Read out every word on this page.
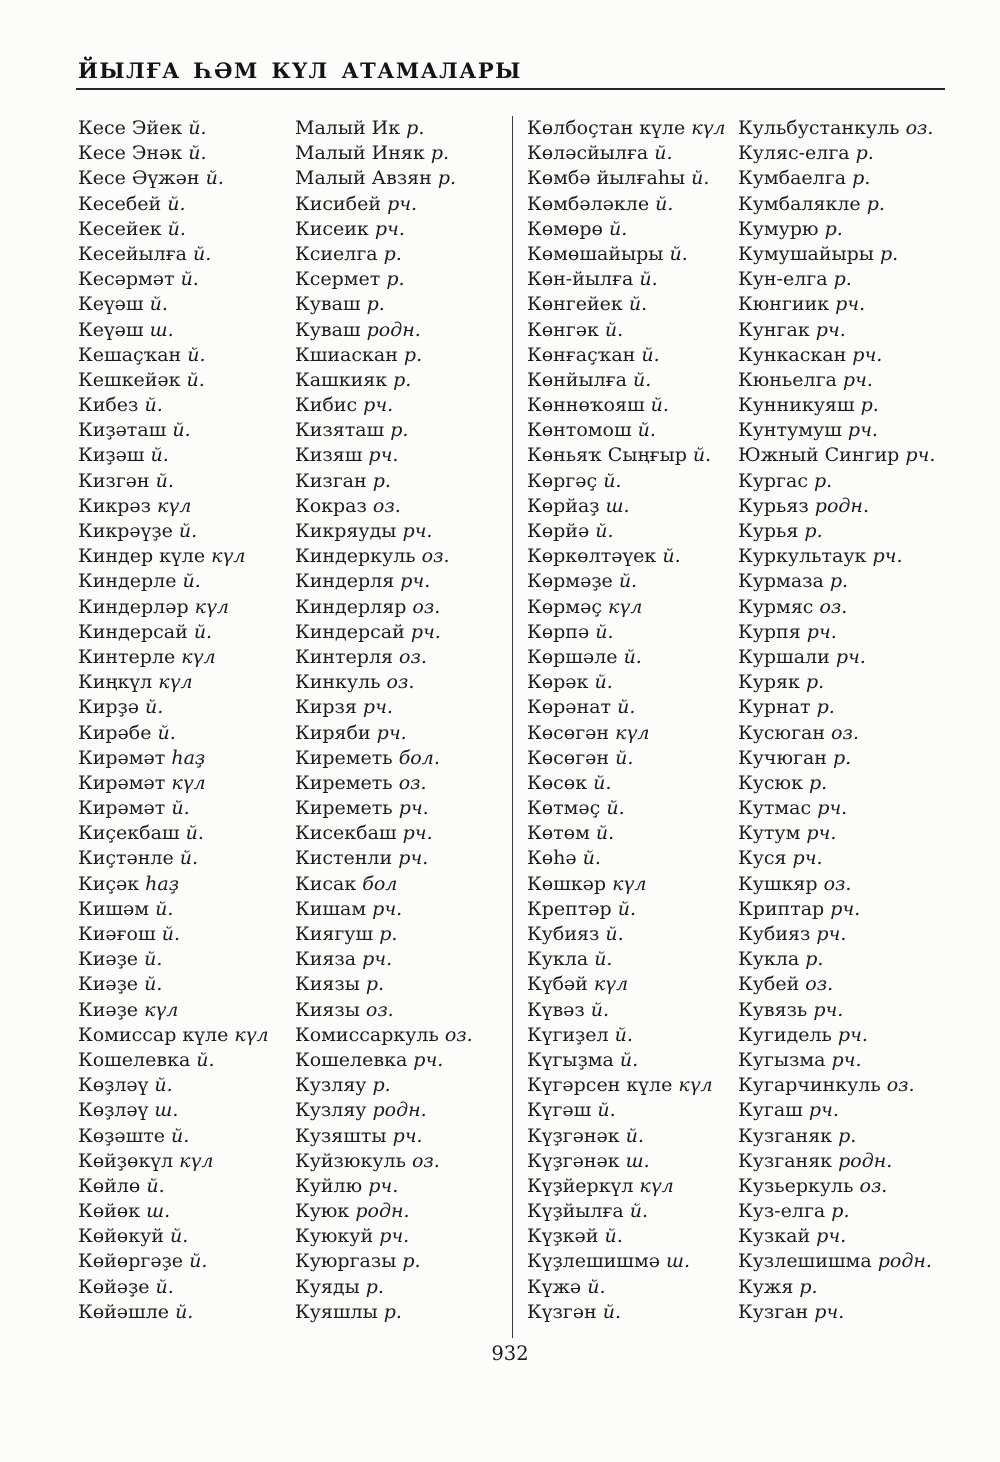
ЙЫЛҒА ҺӘМ КҮЛ АТАМАЛАРЫ
Кесе Эйек й.
Кесе Энәк й.
Кесе Әүжән й.
Кесебей й.
Кесейек й.
Кесейылға й.
Кесәрмәт й.
Кеүәш й.
Кеүәш ш.
Кешаҫҡан й.
Кешкейәк й.
Кибез й.
Киҙәташ й.
Киҙәш й.
Кизгән й.
Кикрәз күл
Кикрәүҙе й.
Киндер күле күл
Киндерле й.
Киндерләр күл
Киндерсай й.
Кинтерле күл
Киңкүл күл
Кирҙә й.
Кирәбе й.
Кирәмәт һаҙ
Кирәмәт күл
Кирәмәт й.
Киҫекбаш й.
Киҫтәнле й.
Киҫәк һаҙ
Кишәм й.
Киәғош й.
Киәҙе й.
Киәҙе й.
Киәҙе күл
Комиссар күле күл
Кошелевка й.
Көҙләү й.
Көҙләү ш.
Көҙәште й.
Көйҙөкүл күл
Көйлө й.
Көйөк ш.
Көйөкуй й.
Көйөргәҙе й.
Көйәҙе й.
Көйәшле й.
Малый Ик р.
Малый Иняк р.
Малый Авзян р.
Кисибей рч.
Кисеик рч.
Ксиелга р.
Ксермет р.
Куваш р.
Куваш родн.
Кшиаскан р.
Кашкияк р.
Кибис рч.
Кизяташ р.
Кизяш рч.
Кизган р.
Кокраз оз.
Кикряуды рч.
Киндеркуль оз.
Киндерля рч.
Киндерляр оз.
Киндерсай рч.
Кинтерля оз.
Кинкуль оз.
Кирзя рч.
Киряби рч.
Киреметь бол.
Киреметь оз.
Киреметь рч.
Кисекбаш рч.
Кистенли рч.
Кисак бол
Кишам рч.
Киягуш р.
Кияза рч.
Киязы р.
Киязы оз.
Комиссаркуль оз.
Кошелевка рч.
Кузляу р.
Кузляу родн.
Кузяшты рч.
Куйзюкуль оз.
Куйлю рч.
Куюк родн.
Куюкуй рч.
Куюргазы р.
Куяды р.
Куяшлы р.
Көлбоҫтан күле күл
Көләсйылға й.
Көмбә йылғаһы й.
Көмбәләкле й.
Көмөрө й.
Көмөшайыры й.
Көн-йылға й.
Көнгейек й.
Көнгәк й.
Көнғаҫҡан й.
Көнйылға й.
Көннөҡояш й.
Көнтомош й.
Көньяҡ Сыңғыр й.
Көргәҫ й.
Көрйаҙ ш.
Көрйә й.
Көркөлтәүек й.
Көрмәҙе й.
Көрмәҫ күл
Көрпә й.
Көршәле й.
Көрәк й.
Көрәнат й.
Көсөгән күл
Көсөгән й.
Көсөк й.
Көтмәҫ й.
Көтөм й.
Көһә й.
Көшкәр күл
Крептәр й.
Кубияз й.
Кукла й.
Күбәй күл
Күвәз й.
Күгиҙел й.
Күгыҙма й.
Күгәрсен күле күл
Күгәш й.
Күҙгәнәк й.
Күҙгәнәк ш.
Күҙйеркүл күл
Күҙйылға й.
Күҙкәй й.
Күҙлешишмә ш.
Күжә й.
Күзгән й.
Кульбустанкуль оз.
Куляс-елга р.
Кумбаелга р.
Кумбалякле р.
Кумурю р.
Кумушайыры р.
Кун-елга р.
Кюнгиик рч.
Кунгак рч.
Кункаскан рч.
Кюньелга рч.
Кунникуяш р.
Кунтумуш рч.
Южный Сингир рч.
Кургас р.
Курьяз родн.
Курья р.
Куркультаук рч.
Курмаза р.
Курмяс оз.
Курпя рч.
Куршали рч.
Куряк р.
Курнат р.
Кусюган оз.
Кучюган р.
Кусюк р.
Кутмас рч.
Кутум рч.
Куся рч.
Кушкяр оз.
Криптар рч.
Кубияз рч.
Кукла р.
Кубей оз.
Кувязь рч.
Кугидель рч.
Кугызма рч.
Кугарчинкуль оз.
Кугаш рч.
Кузганяк р.
Кузганяк родн.
Кузьеркуль оз.
Куз-елга р.
Кузкай рч.
Кузлешишма родн.
Кужя р.
Кузган рч.
932
